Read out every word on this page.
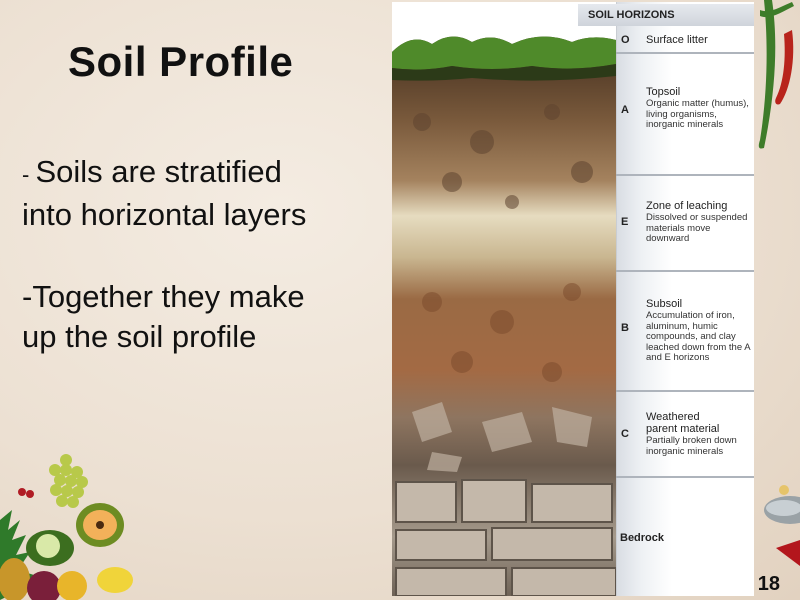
Soil Profile
- Soils are stratified
into horizontal layers
-Together they make
up the soil profile
SOIL HORIZONS
O Surface litter
A
Topsoil
Organic matter (humus), living organisms, inorganic minerals
E
Zone of leaching
Dissolved or suspended materials move downward
B
Subsoil
Accumulation of iron, aluminum, humic compounds, and clay leached down from the A and E horizons
C
Weathered parent material
Partially broken down inorganic minerals
Bedrock
18
